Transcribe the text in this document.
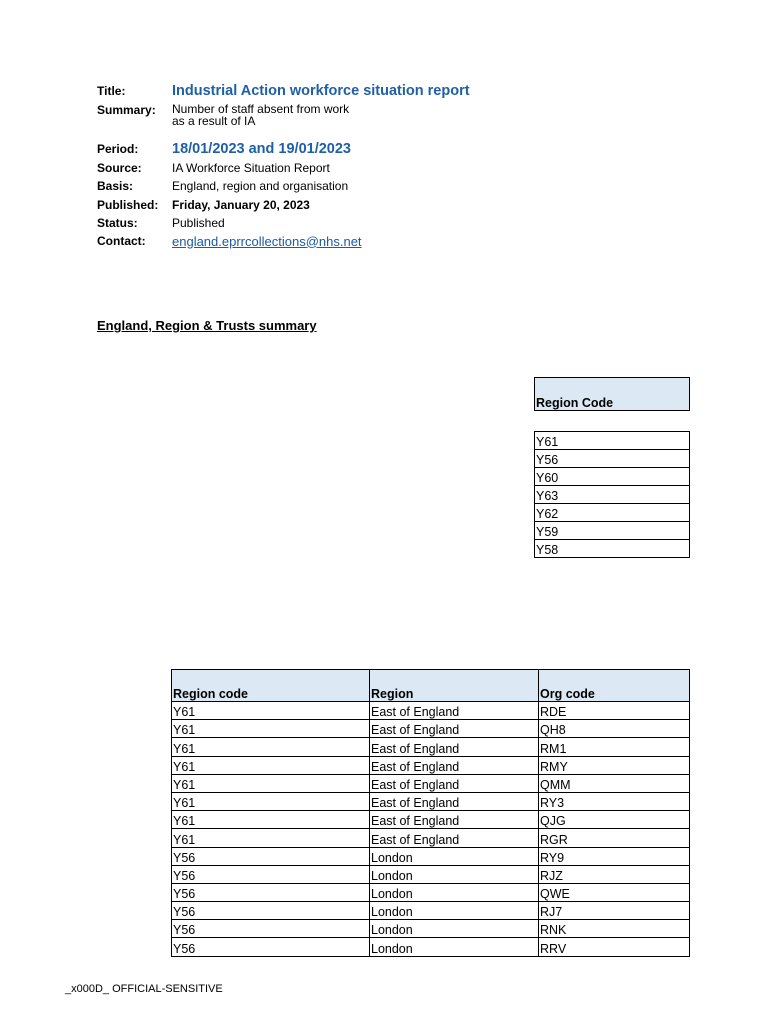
Title:	Industrial Action workforce situation report
Summary:	Number of staff absent from work
as a result of IA
Period:	18/01/2023 and 19/01/2023
Source:	IA Workforce Situation Report
Basis:	England, region and organisation
Published:	Friday, January 20, 2023
Status:	Published
Contact:	england.eprrcollections@nhs.net
England, Region & Trusts summary
Region Code

Y61
Y56
Y60
Y63
Y62
Y59
Y58
Region code	Region	Org code
Y61	East of England	RDE
Y61	East of England	QH8
Y61	East of England	RM1
Y61	East of England	RMY
Y61	East of England	QMM
Y61	East of England	RY3
Y61	East of England	QJG
Y61	East of England	RGR
Y56	London	RY9
Y56	London	RJZ
Y56	London	QWE
Y56	London	RJ7
Y56	London	RNK
Y56	London	RRV
_x000D_ OFFICIAL-SENSITIVE
